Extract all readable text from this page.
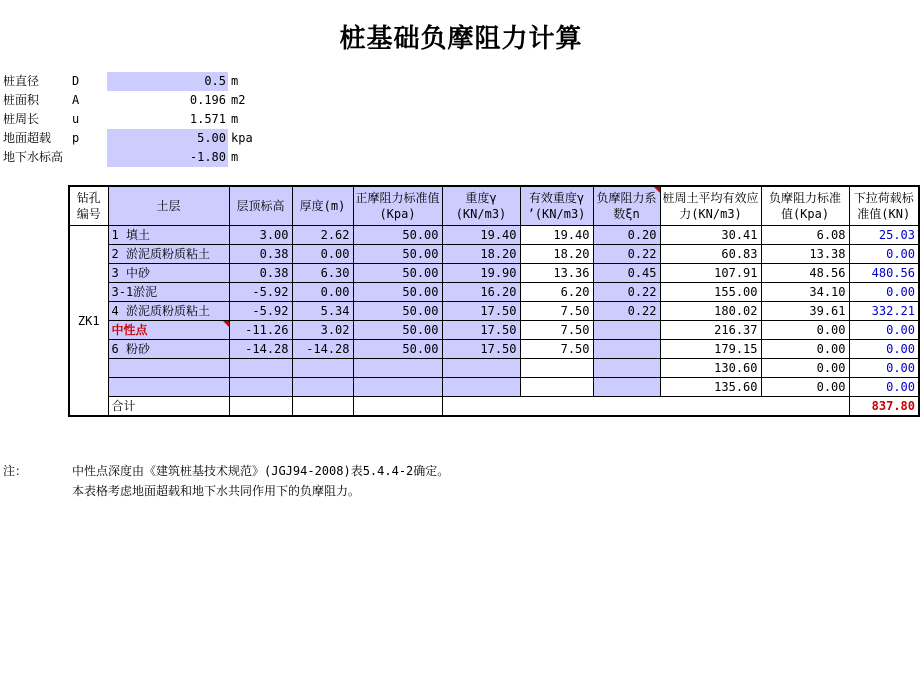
桩基础负摩阻力计算
桩直径	D	0.5 m
桩面积	A	0.196 m2
桩周长	u	1.571 m
地面超载 p	5.00 kpa
地下水标高	-1.80 m
钻孔编号	土层	层顶标高	厚度(m)	正摩阻力标准值(Kpa)	重度γ (KN/m3)	有效重度γ ’(KN/m3)	负摩阻力系数ξn	桩周土平均有效应力(KN/m3)	负摩阻力标准值(Kpa)	下拉荷载标准值(KN)
ZK1	1 填土	3.00	2.62	50.00	19.40	19.40	0.20	30.41	6.08	25.03
	2 淤泥质粉质粘土	0.38	0.00	50.00	18.20	18.20	0.22	60.83	13.38	0.00
	3 中砂	0.38	6.30	50.00	19.90	13.36	0.45	107.91	48.56	480.56
	3-1淤泥	-5.92	0.00	50.00	16.20	6.20	0.22	155.00	34.10	0.00
	4 淤泥质粉质粘土	-5.92	5.34	50.00	17.50	7.50	0.22	180.02	39.61	332.21
	中性点	-11.26	3.02	50.00	17.50	7.50		216.37	0.00	0.00
	6 粉砂	-14.28	-14.28	50.00	17.50	7.50		179.15	0.00	0.00
								130.60	0.00	0.00
								135.60	0.00	0.00
	合计									837.80
注：	中性点深度由《建筑桩基技术规范》(JGJ94-2008)表5.4.4-2确定。
本表格考虑地面超载和地下水共同作用下的负摩阻力。
